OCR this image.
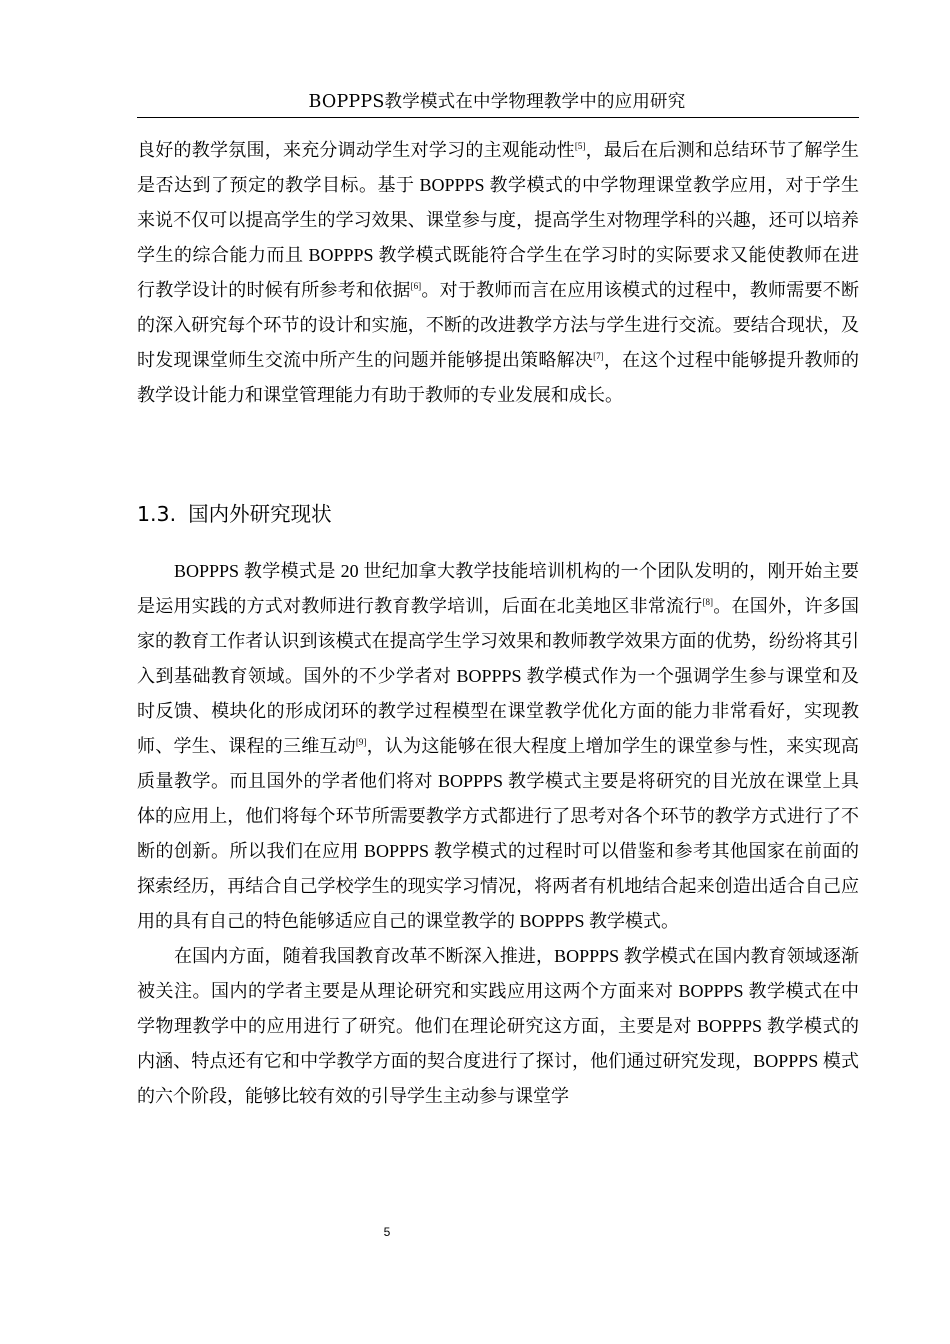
BOPPPS教学模式在中学物理教学中的应用研究

良好的教学氛围，来充分调动学生对学习的主观能动性[5]，最后在后测和总结环节了解学生是否达到了预定的教学目标。基于 BOPPPS 教学模式的中学物理课堂教学应用，对于学生来说不仅可以提高学生的学习效果、课堂参与度，提高学生对物理学科的兴趣，还可以培养学生的综合能力而且 BOPPPS 教学模式既能符合学生在学习时的实际要求又能使教师在进行教学设计的时候有所参考和依据[6]。对于教师而言在应用该模式的过程中，教师需要不断的深入研究每个环节的设计和实施，不断的改进教学方法与学生进行交流。要结合现状，及时发现课堂师生交流中所产生的问题并能够提出策略解决[7]，在这个过程中能够提升教师的教学设计能力和课堂管理能力有助于教师的专业发展和成长。

1.3. 国内外研究现状

BOPPPS 教学模式是 20 世纪加拿大教学技能培训机构的一个团队发明的，刚开始主要是运用实践的方式对教师进行教育教学培训，后面在北美地区非常流行[8]。在国外，许多国家的教育工作者认识到该模式在提高学生学习效果和教师教学效果方面的优势，纷纷将其引入到基础教育领域。国外的不少学者对 BOPPPS 教学模式作为一个强调学生参与课堂和及时反馈、模块化的形成闭环的教学过程模型在课堂教学优化方面的能力非常看好，实现教师、学生、课程的三维互动[9]，认为这能够在很大程度上增加学生的课堂参与性，来实现高质量教学。而且国外的学者他们将对 BOPPPS 教学模式主要是将研究的目光放在课堂上具体的应用上，他们将每个环节所需要教学方式都进行了思考对各个环节的教学方式进行了不断的创新。所以我们在应用 BOPPPS 教学模式的过程时可以借鉴和参考其他国家在前面的探索经历，再结合自己学校学生的现实学习情况，将两者有机地结合起来创造出适合自己应用的具有自己的特色能够适应自己的课堂教学的 BOPPPS 教学模式。

在国内方面，随着我国教育改革不断深入推进，BOPPPS 教学模式在国内教育领域逐渐被关注。国内的学者主要是从理论研究和实践应用这两个方面来对 BOPPPS 教学模式在中学物理教学中的应用进行了研究。他们在理论研究这方面，主要是对 BOPPPS 教学模式的内涵、特点还有它和中学教学方面的契合度进行了探讨，他们通过研究发现，BOPPPS 模式的六个阶段，能够比较有效的引导学生主动参与课堂学

5
